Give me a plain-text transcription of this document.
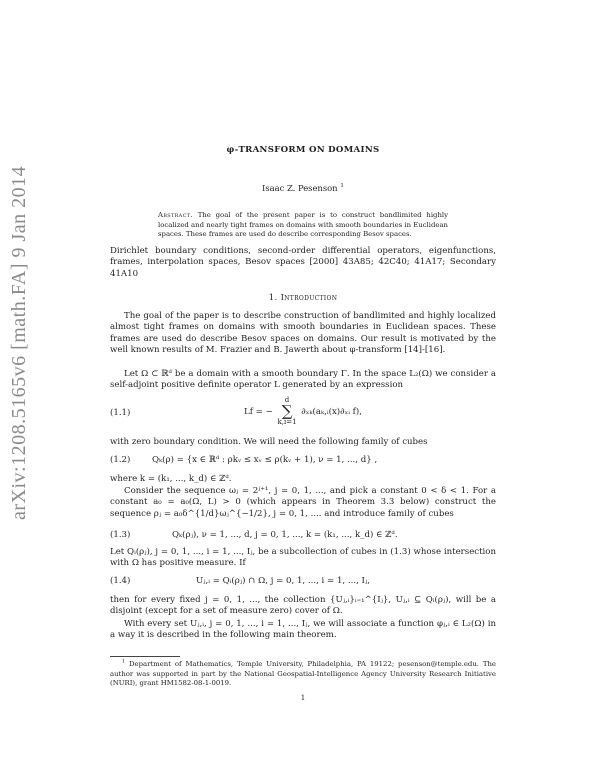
arXiv:1208.5165v6 [math.FA] 9 Jan 2014
φ-TRANSFORM ON DOMAINS
Isaac Z. Pesenson $^1$
Abstract. The goal of the present paper is to construct bandlimited highly localized and nearly tight frames on domains with smooth boundaries in Euclidean spaces. These frames are used do describe corresponding Besov spaces.
Dirichlet boundary conditions, second-order differential operators, eigenfunctions, frames, interpolation spaces, Besov spaces [2000] 43A85; 42C40; 41A17; Secondary 41A10
1. Introduction
The goal of the paper is to describe construction of bandlimited and highly localized almost tight frames on domains with smooth boundaries in Euclidean spaces. These frames are used do describe Besov spaces on domains. Our result is motivated by the well known results of M. Frazier and B. Jawerth about φ-transform [14]-[16].
Let Ω ⊂ ℝᵈ be a domain with a smooth boundary Γ. In the space L₂(Ω) we consider a self-adjoint positive definite operator L generated by an expression
(1.1)	Lf = − d
∑
k,i=1 ∂ₓₖ(aₖ,ᵢ(x)∂ₓᵢ f),
with zero boundary condition. We will need the following family of cubes
(1.2)	Qₖ(ρ) = {x ∈ ℝᵈ : ρkᵥ ≤ xᵥ ≤ ρ(kᵥ + 1), ν = 1, ..., d} ,
where k = (k₁, ..., k_d) ∈ ℤᵈ.
Consider the sequence ωⱼ = 2ʲ⁺¹, j = 0, 1, ..., and pick a constant 0 < δ < 1. For a constant a₀ = a₀(Ω, L) > 0 (which appears in Theorem 3.3 below) construct the sequence ρⱼ = a₀δ^{1/d}ωⱼ^{−1/2}, j = 0, 1, .... and introduce family of cubes
(1.3)	Qₖ(ρⱼ), ν = 1, ..., d, j = 0, 1, ..., k = (k₁, ..., k_d) ∈ ℤᵈ.
Let Qᵢ(ρⱼ), j = 0, 1, ..., i = 1, ..., Iⱼ, be a subcollection of cubes in (1.3) whose intersection with Ω has positive measure. If
(1.4)	Uⱼ,ᵢ = Qᵢ(ρⱼ) ∩ Ω, j = 0, 1, ..., i = 1, ..., Iⱼ,
then for every fixed j = 0, 1, ..., the collection {Uⱼ,ᵢ}ᵢ₌₁^{Iⱼ}, Uⱼ,ᵢ ⊆ Qᵢ(ρⱼ), will be a disjoint (except for a set of measure zero) cover of Ω.
With every set Uⱼ,ᵢ, j = 0, 1, ..., i = 1, ..., Iⱼ, we will associate a function φⱼ,ᵢ ∈ L₂(Ω) in a way it is described in the following main theorem.
$^1$ Department of Mathematics, Temple University, Philadelphia, PA 19122; pesenson@temple.edu. The author was supported in part by the National Geospatial-Intelligence Agency University Research Initiative (NURI), grant HM1582-08-1-0019.
1
